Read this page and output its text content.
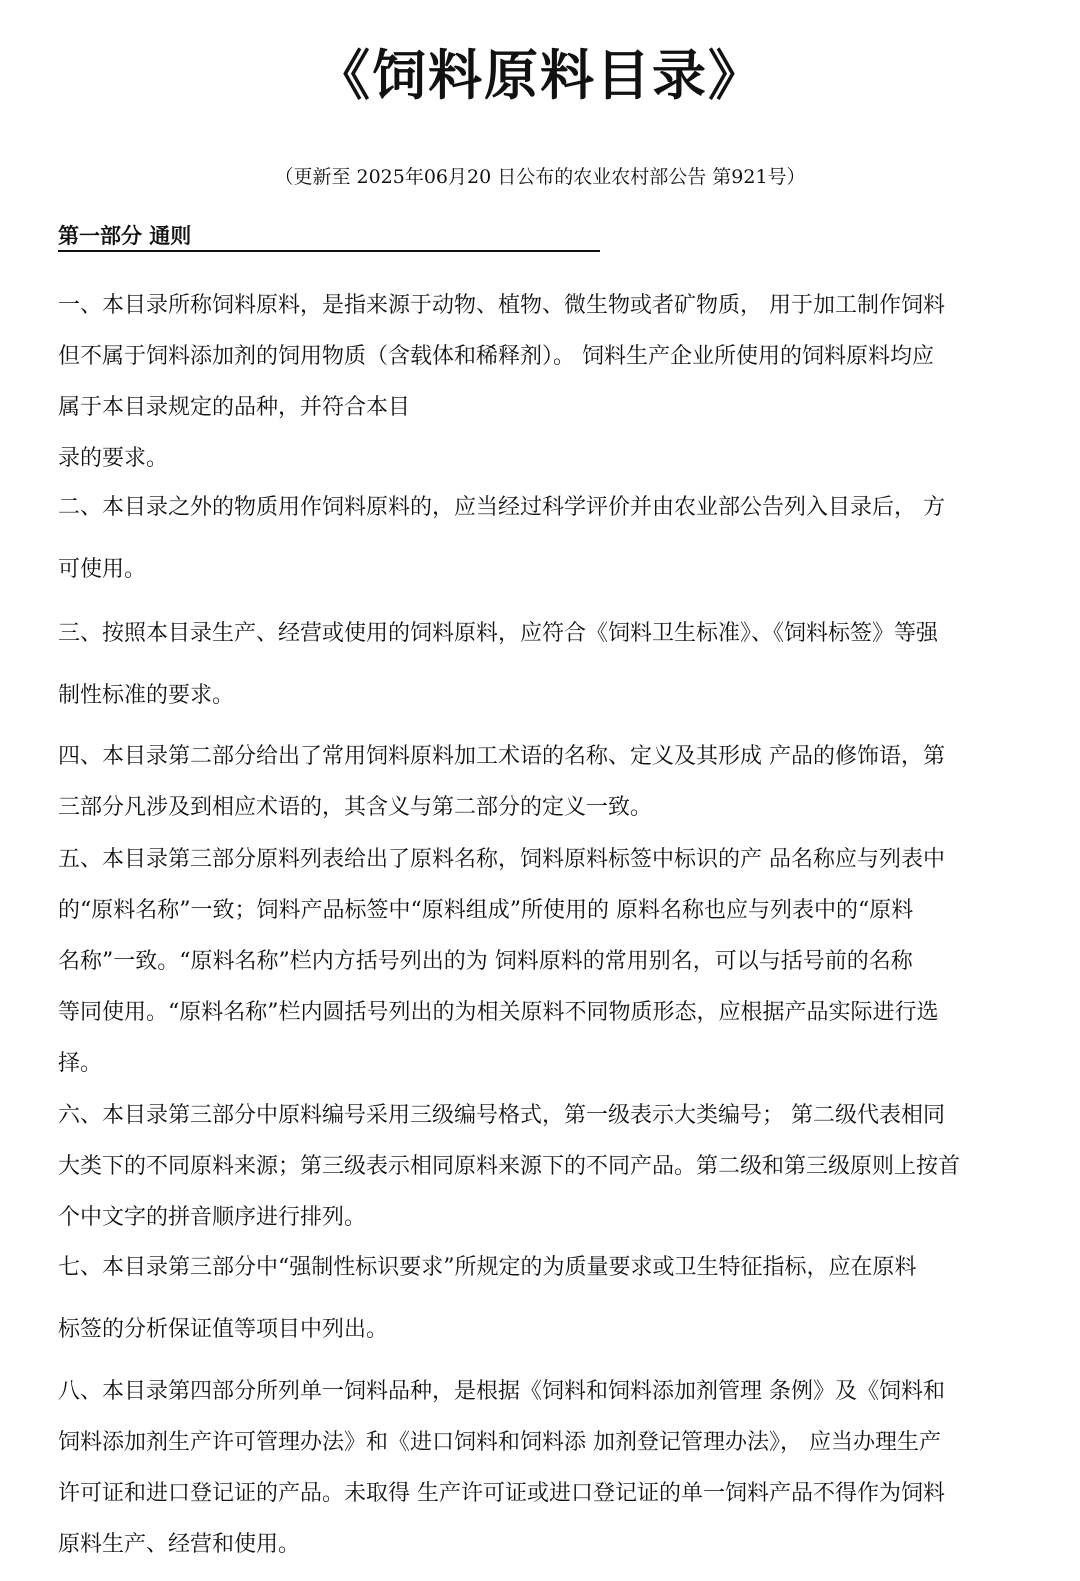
《饲料原料目录》
（更新至 2025年06月20 日公布的农业农村部公告 第921号）
第一部分 通则
一、本目录所称饲料原料，是指来源于动物、植物、微生物或者矿物质， 用于加工制作饲料
但不属于饲料添加剂的饲用物质（含载体和稀释剂）。 饲料生产企业所使用的饲料原料均应
属于本目录规定的品种，并符合本目
录的要求。
二、本目录之外的物质用作饲料原料的，应当经过科学评价并由农业部公告列入目录后， 方
可使用。
三、按照本目录生产、经营或使用的饲料原料，应符合《饲料卫生标准》、《饲料标签》等强
制性标准的要求。
四、本目录第二部分给出了常用饲料原料加工术语的名称、定义及其形成 产品的修饰语，第
三部分凡涉及到相应术语的，其含义与第二部分的定义一致。
五、本目录第三部分原料列表给出了原料名称，饲料原料标签中标识的产 品名称应与列表中
的“原料名称”一致；饲料产品标签中“原料组成”所使用的 原料名称也应与列表中的“原料
名称”一致。“原料名称”栏内方括号列出的为 饲料原料的常用别名，可以与括号前的名称
等同使用。“原料名称”栏内圆括号列出的为相关原料不同物质形态，应根据产品实际进行选
择。
六、本目录第三部分中原料编号采用三级编号格式，第一级表示大类编号； 第二级代表相同
大类下的不同原料来源；第三级表示相同原料来源下的不同产品。第二级和第三级原则上按首
个中文字的拼音顺序进行排列。
七、本目录第三部分中“强制性标识要求”所规定的为质量要求或卫生特征指标，应在原料
标签的分析保证值等项目中列出。
八、本目录第四部分所列单一饲料品种，是根据《饲料和饲料添加剂管理 条例》及《饲料和
饲料添加剂生产许可管理办法》和《进口饲料和饲料添 加剂登记管理办法》， 应当办理生产
许可证和进口登记证的产品。未取得 生产许可证或进口登记证的单一饲料产品不得作为饲料
原料生产、经营和使用。
